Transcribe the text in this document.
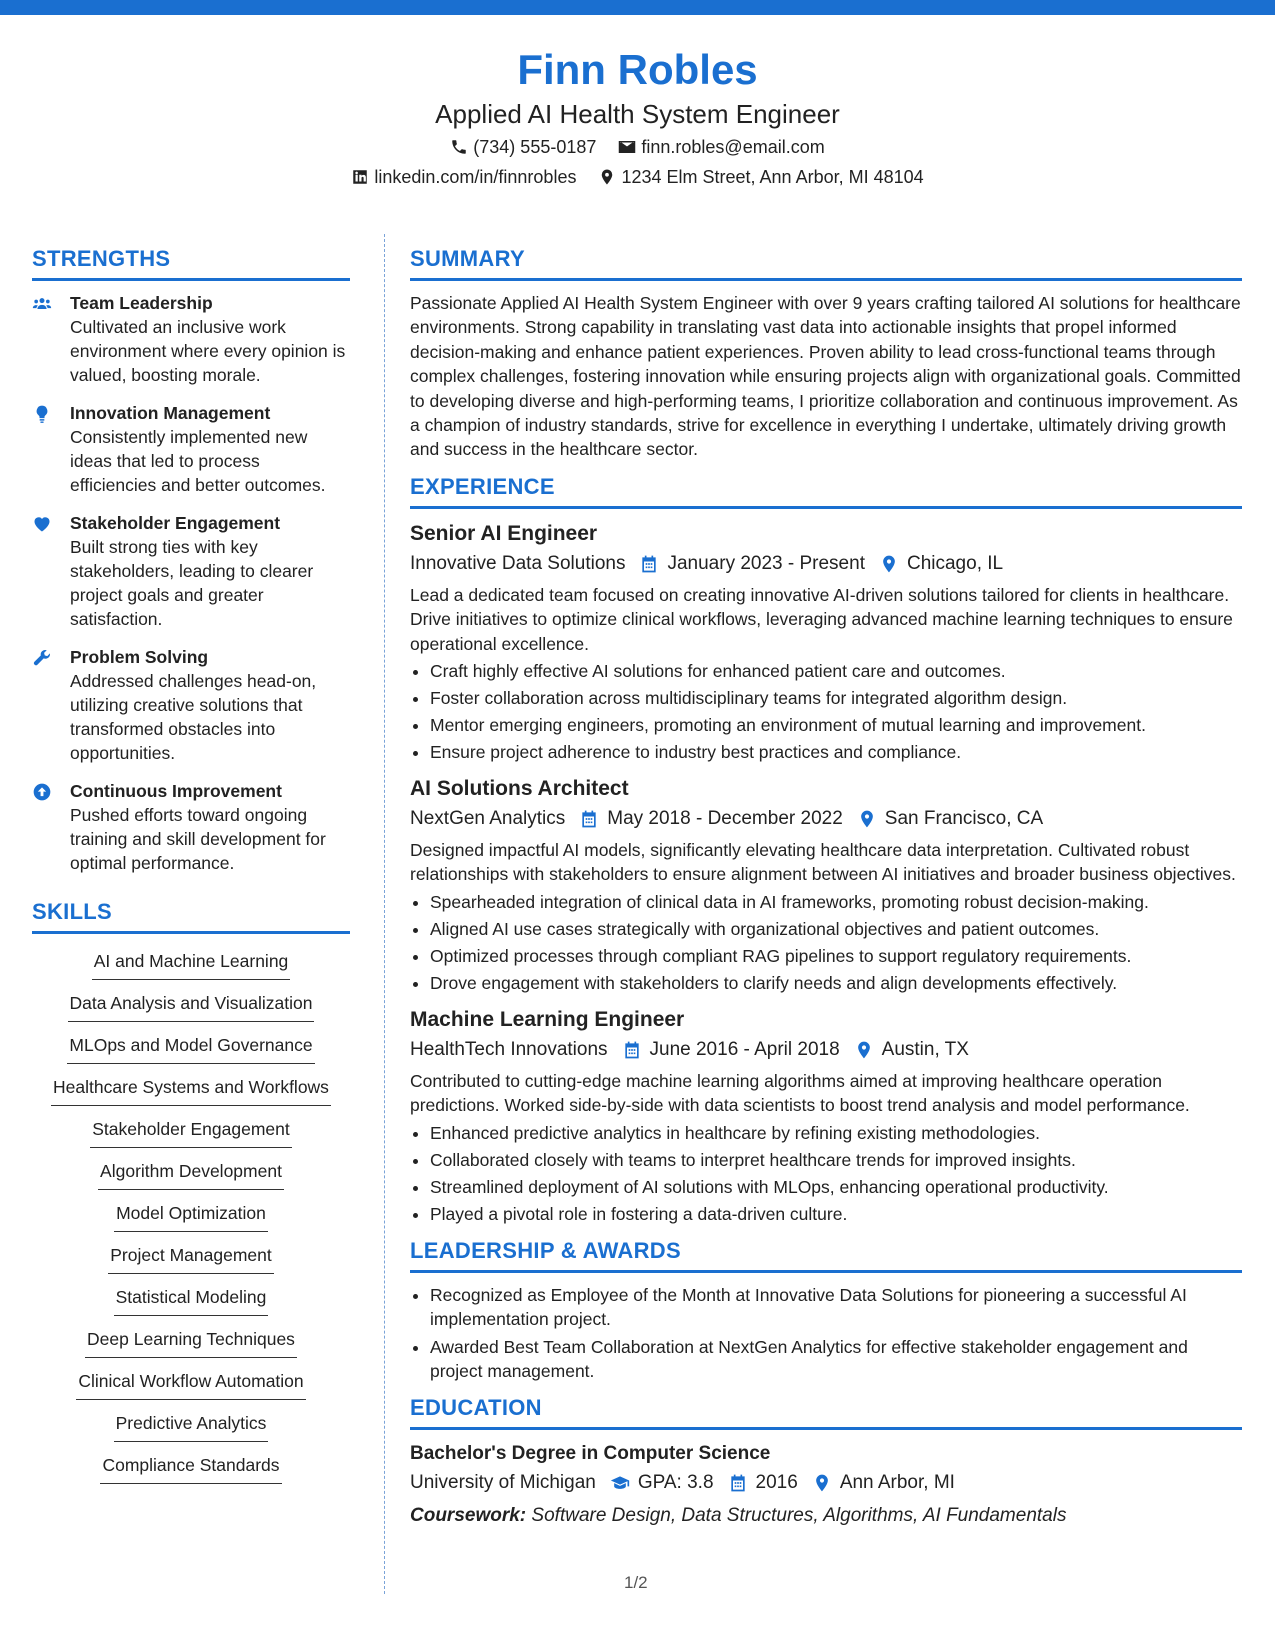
Finn Robles
Applied AI Health System Engineer
(734) 555-0187	finn.robles@email.com
linkedin.com/in/finnrobles	1234 Elm Street, Ann Arbor, MI 48104
STRENGTHS
Team Leadership
Cultivated an inclusive work environment where every opinion is valued, boosting morale.
Innovation Management
Consistently implemented new ideas that led to process efficiencies and better outcomes.
Stakeholder Engagement
Built strong ties with key stakeholders, leading to clearer project goals and greater satisfaction.
Problem Solving
Addressed challenges head-on, utilizing creative solutions that transformed obstacles into opportunities.
Continuous Improvement
Pushed efforts toward ongoing training and skill development for optimal performance.
SKILLS
AI and Machine Learning
Data Analysis and Visualization
MLOps and Model Governance
Healthcare Systems and Workflows
Stakeholder Engagement
Algorithm Development
Model Optimization
Project Management
Statistical Modeling
Deep Learning Techniques
Clinical Workflow Automation
Predictive Analytics
Compliance Standards
SUMMARY

Passionate Applied AI Health System Engineer with over 9 years crafting tailored AI solutions for healthcare environments. Strong capability in translating vast data into actionable insights that propel informed decision-making and enhance patient experiences. Proven ability to lead cross-functional teams through complex challenges, fostering innovation while ensuring projects align with organizational goals. Committed to developing diverse and high-performing teams, I prioritize collaboration and continuous improvement. As a champion of industry standards, strive for excellence in everything I undertake, ultimately driving growth and success in the healthcare sector.

EXPERIENCE
Senior AI Engineer
Innovative Data Solutions January 2023 - Present Chicago, IL

Lead a dedicated team focused on creating innovative AI-driven solutions tailored for clients in healthcare. Drive initiatives to optimize clinical workflows, leveraging advanced machine learning techniques to ensure operational excellence.

• Craft highly effective AI solutions for enhanced patient care and outcomes.
• Foster collaboration across multidisciplinary teams for integrated algorithm design.
• Mentor emerging engineers, promoting an environment of mutual learning and improvement.
• Ensure project adherence to industry best practices and compliance.
AI Solutions Architect
NextGen Analytics May 2018 - December 2022 San Francisco, CA

Designed impactful AI models, significantly elevating healthcare data interpretation. Cultivated robust relationships with stakeholders to ensure alignment between AI initiatives and broader business objectives.

• Spearheaded integration of clinical data in AI frameworks, promoting robust decision-making.
• Aligned AI use cases strategically with organizational objectives and patient outcomes.
• Optimized processes through compliant RAG pipelines to support regulatory requirements.
• Drove engagement with stakeholders to clarify needs and align developments effectively.
Machine Learning Engineer
HealthTech Innovations June 2016 - April 2018 Austin, TX

Contributed to cutting-edge machine learning algorithms aimed at improving healthcare operation predictions. Worked side-by-side with data scientists to boost trend analysis and model performance.

• Enhanced predictive analytics in healthcare by refining existing methodologies.
• Collaborated closely with teams to interpret healthcare trends for improved insights.
• Streamlined deployment of AI solutions with MLOps, enhancing operational productivity.
• Played a pivotal role in fostering a data-driven culture.
LEADERSHIP & AWARDS
• Recognized as Employee of the Month at Innovative Data Solutions for pioneering a successful AI implementation project.
• Awarded Best Team Collaboration at NextGen Analytics for effective stakeholder engagement and project management.
EDUCATION
Bachelor's Degree in Computer Science
University of Michigan GPA: 3.8 2016 Ann Arbor, MI
Coursework: Software Design, Data Structures, Algorithms, AI Fundamentals
1/2
